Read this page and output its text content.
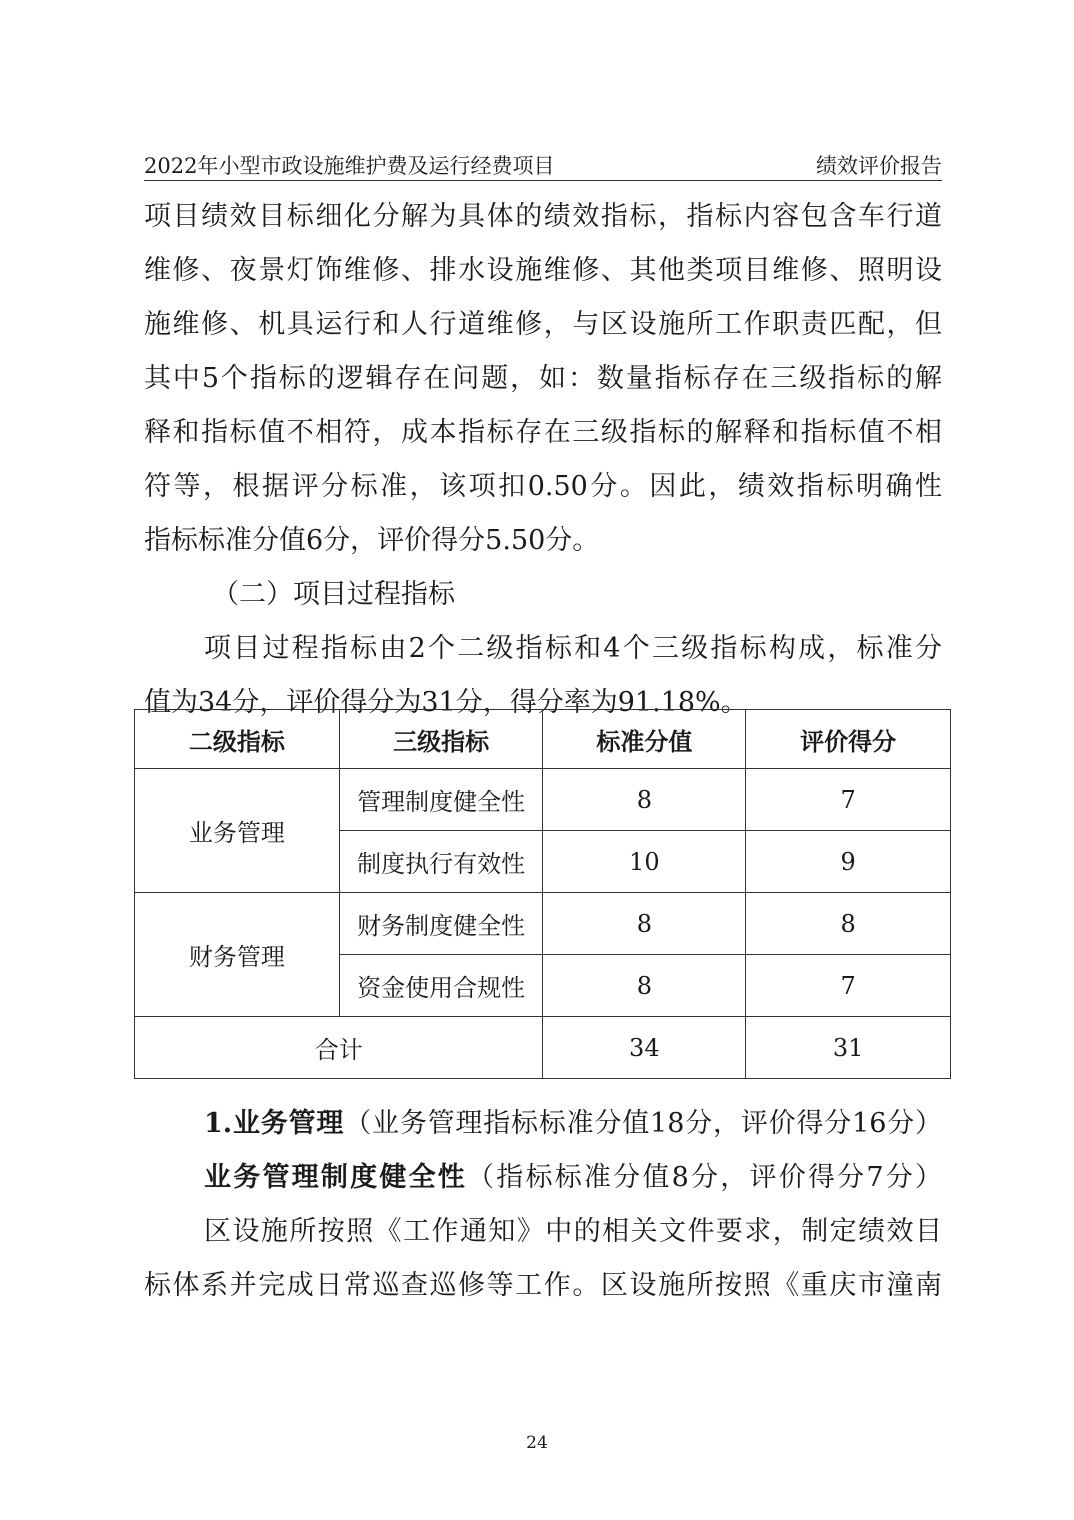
2022年小型市政设施维护费及运行经费项目	绩效评价报告

项目绩效目标细化分解为具体的绩效指标，指标内容包含车行道

维修、夜景灯饰维修、排水设施维修、其他类项目维修、照明设

施维修、机具运行和人行道维修，与区设施所工作职责匹配，但

其中5个指标的逻辑存在问题，如：数量指标存在三级指标的解

释和指标值不相符，成本指标存在三级指标的解释和指标值不相

符等，根据评分标准，该项扣0.50分。因此，绩效指标明确性

指标标准分值6分，评价得分5.50分。

（二）项目过程指标

项目过程指标由2个二级指标和4个三级指标构成，标准分

值为34分，评价得分为31分，得分率为91.18%。

二级指标	三级指标	标准分值	评价得分
业务管理	管理制度健全性	8	7
	制度执行有效性	10	9
财务管理	财务制度健全性	8	8
	资金使用合规性	8	7
合计		34	31

1.业务管理（业务管理指标标准分值18分，评价得分16分）

业务管理制度健全性（指标标准分值8分，评价得分7分）

区设施所按照《工作通知》中的相关文件要求，制定绩效目

标体系并完成日常巡查巡修等工作。区设施所按照《重庆市潼南

24
